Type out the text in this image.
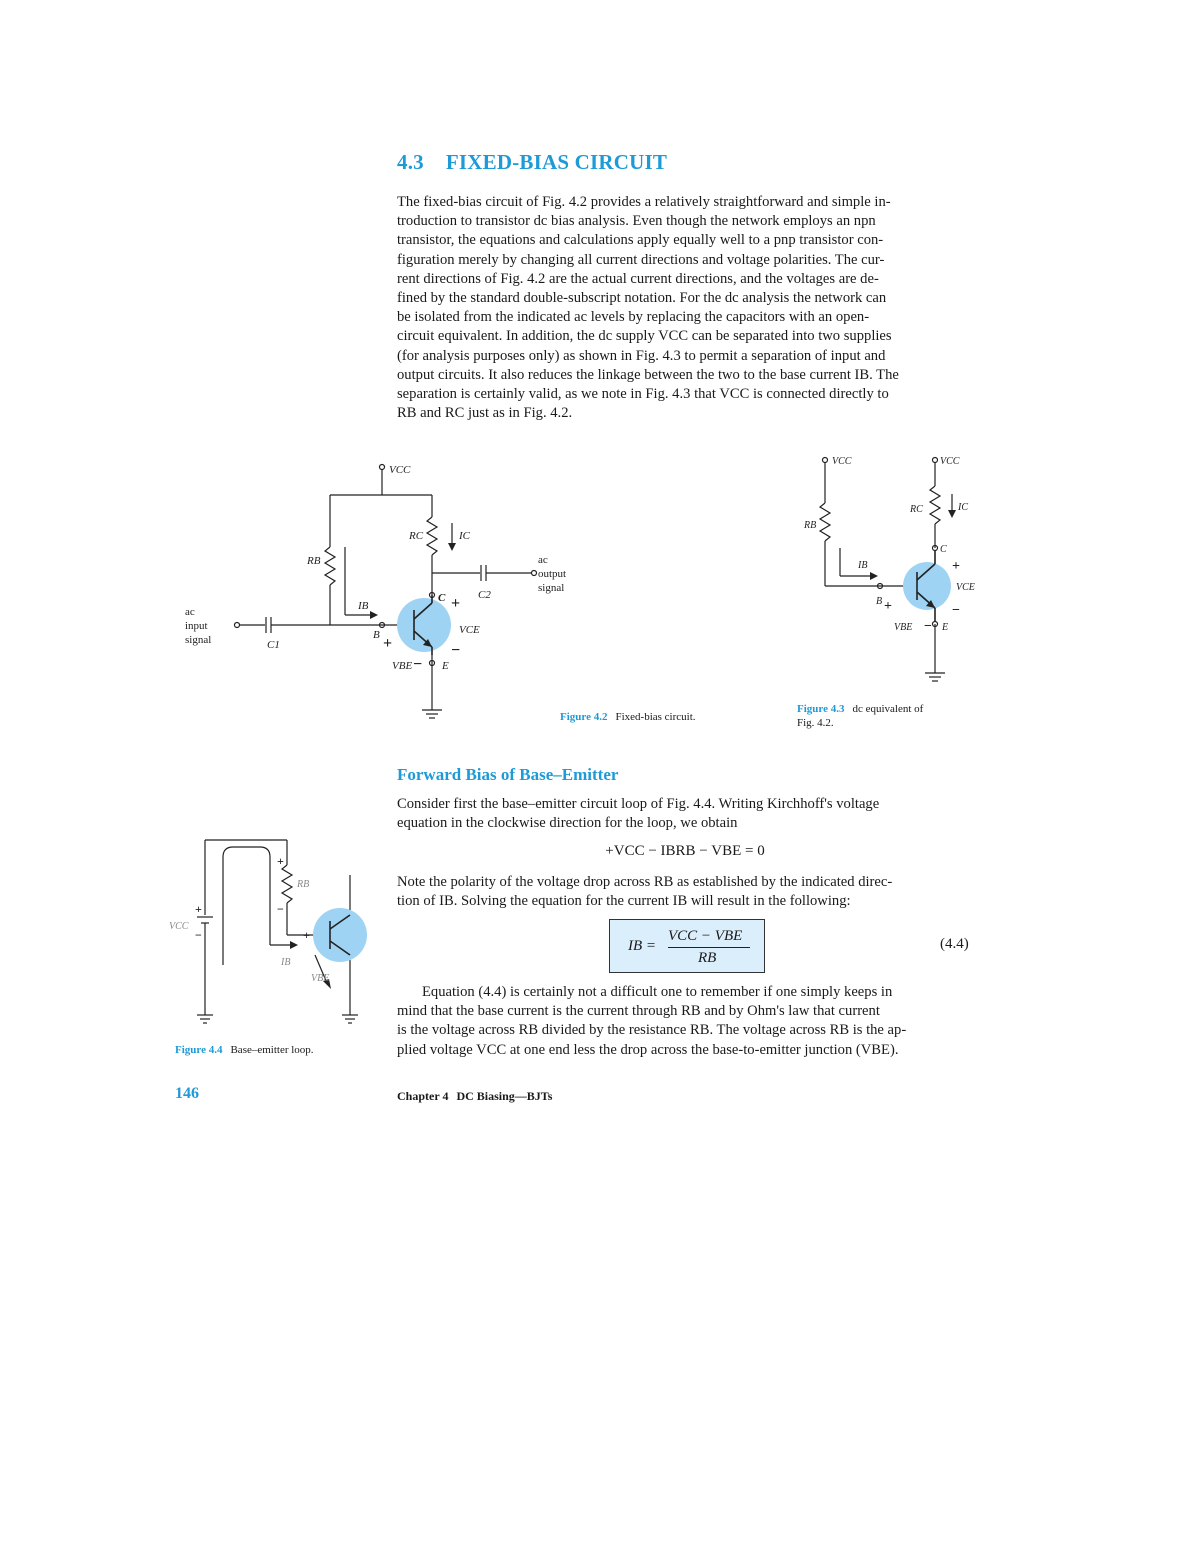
4.3 FIXED-BIAS CIRCUIT
The fixed-bias circuit of Fig. 4.2 provides a relatively straightforward and simple in-
troduction to transistor dc bias analysis. Even though the network employs an npn
transistor, the equations and calculations apply equally well to a pnp transistor con-
figuration merely by changing all current directions and voltage polarities. The cur-
rent directions of Fig. 4.2 are the actual current directions, and the voltages are de-
fined by the standard double-subscript notation. For the dc analysis the network can
be isolated from the indicated ac levels by replacing the capacitors with an open-
circuit equivalent. In addition, the dc supply VCC can be separated into two supplies
(for analysis purposes only) as shown in Fig. 4.3 to permit a separation of input and
output circuits. It also reduces the linkage between the two to the base current IB. The
separation is certainly valid, as we note in Fig. 4.3 that VCC is connected directly to
RB and RC just as in Fig. 4.2.
VCC
RC	IC
RB
IB
C
B
E
VCE
VBE
C1
C2
+
−
+
−
ac
input
signal
ac
output
signal
Figure 4.2 Fixed-bias circuit.
VCC	VCC
RB
RC	IC
IB
C
B
E
VCE
VBE
+
−
+
−
Figure 4.3 dc equivalent of
Fig. 4.2.
Forward Bias of Base–Emitter
Consider first the base–emitter circuit loop of Fig. 4.4. Writing Kirchhoff's voltage
equation in the clockwise direction for the loop, we obtain
+VCC − IBRB − VBE = 0
Note the polarity of the voltage drop across RB as established by the indicated direc-
tion of IB. Solving the equation for the current IB will result in the following:
IB =
VCC − VBE
RB
(4.4)
Equation (4.4) is certainly not a difficult one to remember if one simply keeps in
mind that the base current is the current through RB and by Ohm's law that current
is the voltage across RB divided by the resistance RB. The voltage across RB is the ap-
plied voltage VCC at one end less the drop across the base-to-emitter junction (VBE).
VCC
RB
IB
VBE
+
−
+
−
+
Figure 4.4 Base–emitter loop.
146	Chapter 4 DC Biasing—BJTs
